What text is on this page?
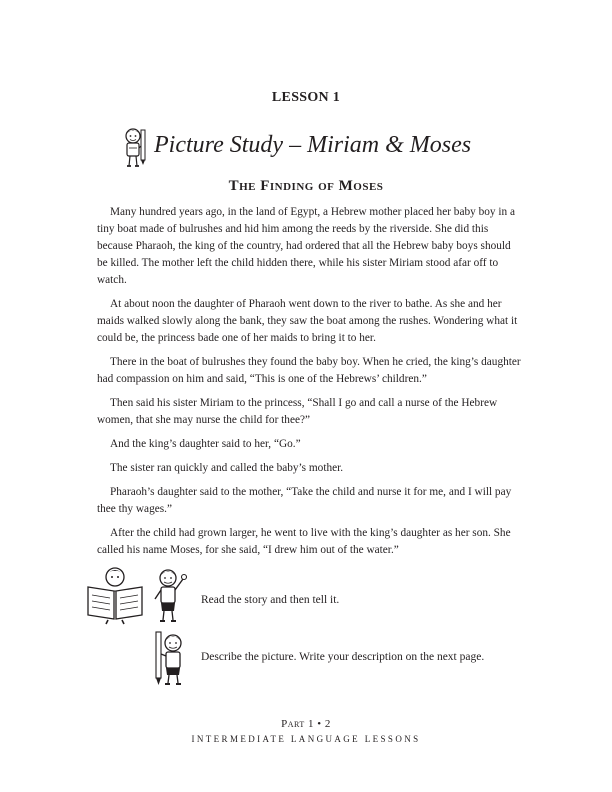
LESSON 1
Picture Study – Miriam & Moses
The Finding of Moses

Many hundred years ago, in the land of Egypt, a Hebrew mother placed her baby boy in a tiny boat made of bulrushes and hid him among the reeds by the riverside. She did this because Pharaoh, the king of the country, had ordered that all the Hebrew baby boys should be killed. The mother left the child hidden there, while his sister Miriam stood afar off to watch.

At about noon the daughter of Pharaoh went down to the river to bathe. As she and her maids walked slowly along the bank, they saw the boat among the rushes. Wondering what it could be, the princess bade one of her maids to bring it to her.

There in the boat of bulrushes they found the baby boy. When he cried, the king’s daughter had compassion on him and said, “This is one of the Hebrews’ children.”

Then said his sister Miriam to the princess, “Shall I go and call a nurse of the Hebrew women, that she may nurse the child for thee?”

And the king’s daughter said to her, “Go.”

The sister ran quickly and called the baby’s mother.

Pharaoh’s daughter said to the mother, “Take the child and nurse it for me, and I will pay thee thy wages.”

After the child had grown larger, he went to live with the king’s daughter as her son. She called his name Moses, for she said, “I drew him out of the water.”

Read the story and then tell it.
Describe the picture. Write your description on the next page.
Part 1 • 2
INTERMEDIATE LANGUAGE LESSONS
